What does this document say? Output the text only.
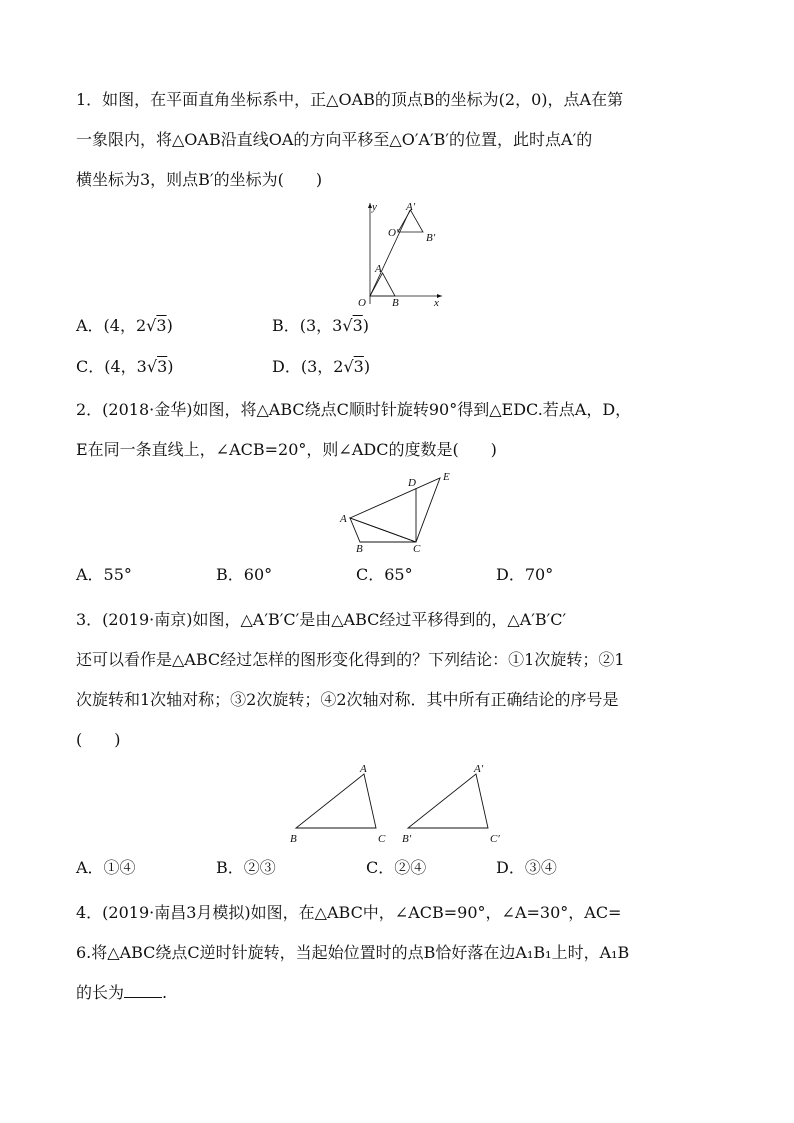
1．如图，在平面直角坐标系中，正△OAB的顶点B的坐标为(2，0)，点A在第
一象限内，将△OAB沿直线OA的方向平移至△O′A′B′的位置，此时点A′的
横坐标为3，则点B′的坐标为(　　)
y
x
O
A
B
O′
A′
B′
A．(4，2√3)	B．(3，3√3)
C．(4，3√3)	D．(3，2√3)
2．(2018·金华)如图，将△ABC绕点C顺时针旋转90°得到△EDC.若点A，D，
E在同一条直线上，∠ACB=20°，则∠ADC的度数是(　　)
A
B	C
D E
A．55°	B．60°	C．65°	D．70°
3．(2019·南京)如图，△A′B′C′是由△ABC经过平移得到的，△A′B′C′
还可以看作是△ABC经过怎样的图形变化得到的？下列结论：①1次旋转；②1
次旋转和1次轴对称；③2次旋转；④2次轴对称．其中所有正确结论的序号是
(　　)
A
B	C
A′
B′	C′
A．①④	B．②③	C．②④	D．③④
4．(2019·南昌3月模拟)如图，在△ABC中，∠ACB=90°，∠A=30°，AC=
6.将△ABC绕点C逆时针旋转，当起始位置时的点B恰好落在边A₁B₁上时，A₁B
的长为 .
